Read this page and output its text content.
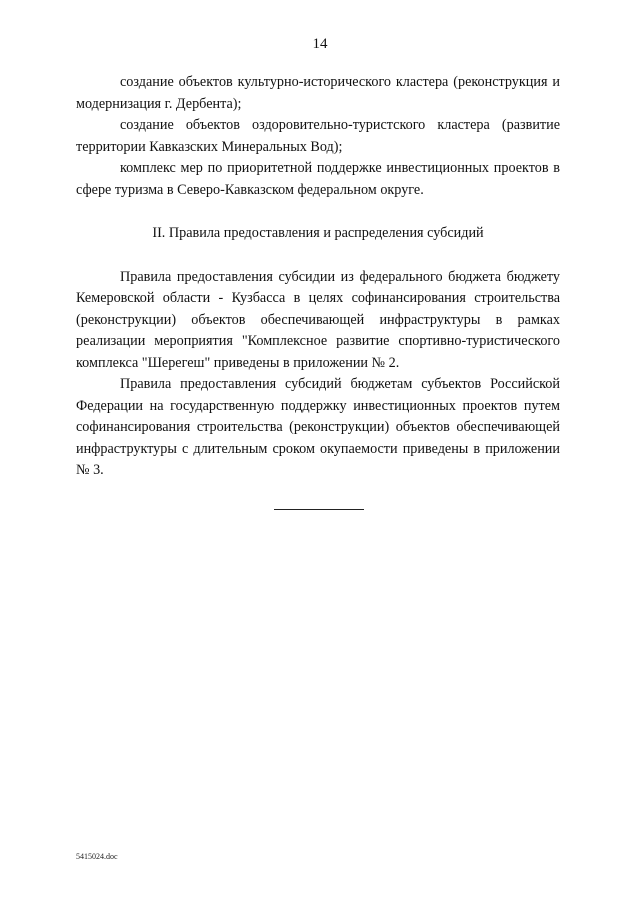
14

создание объектов культурно-исторического кластера (реконструкция и модернизация г. Дербента);

создание объектов оздоровительно-туристского кластера (развитие территории Кавказских Минеральных Вод);

комплекс мер по приоритетной поддержке инвестиционных проектов в сфере туризма в Северо-Кавказском федеральном округе.

II. Правила предоставления и распределения субсидий

Правила предоставления субсидии из федерального бюджета бюджету Кемеровской области - Кузбасса в целях софинансирования строительства (реконструкции) объектов обеспечивающей инфраструктуры в рамках реализации мероприятия "Комплексное развитие спортивно-туристического комплекса "Шерегеш" приведены в приложении № 2.

Правила предоставления субсидий бюджетам субъектов Российской Федерации на государственную поддержку инвестиционных проектов путем софинансирования строительства (реконструкции) объектов обеспечивающей инфраструктуры с длительным сроком окупаемости приведены в приложении № 3.

5415024.doc
